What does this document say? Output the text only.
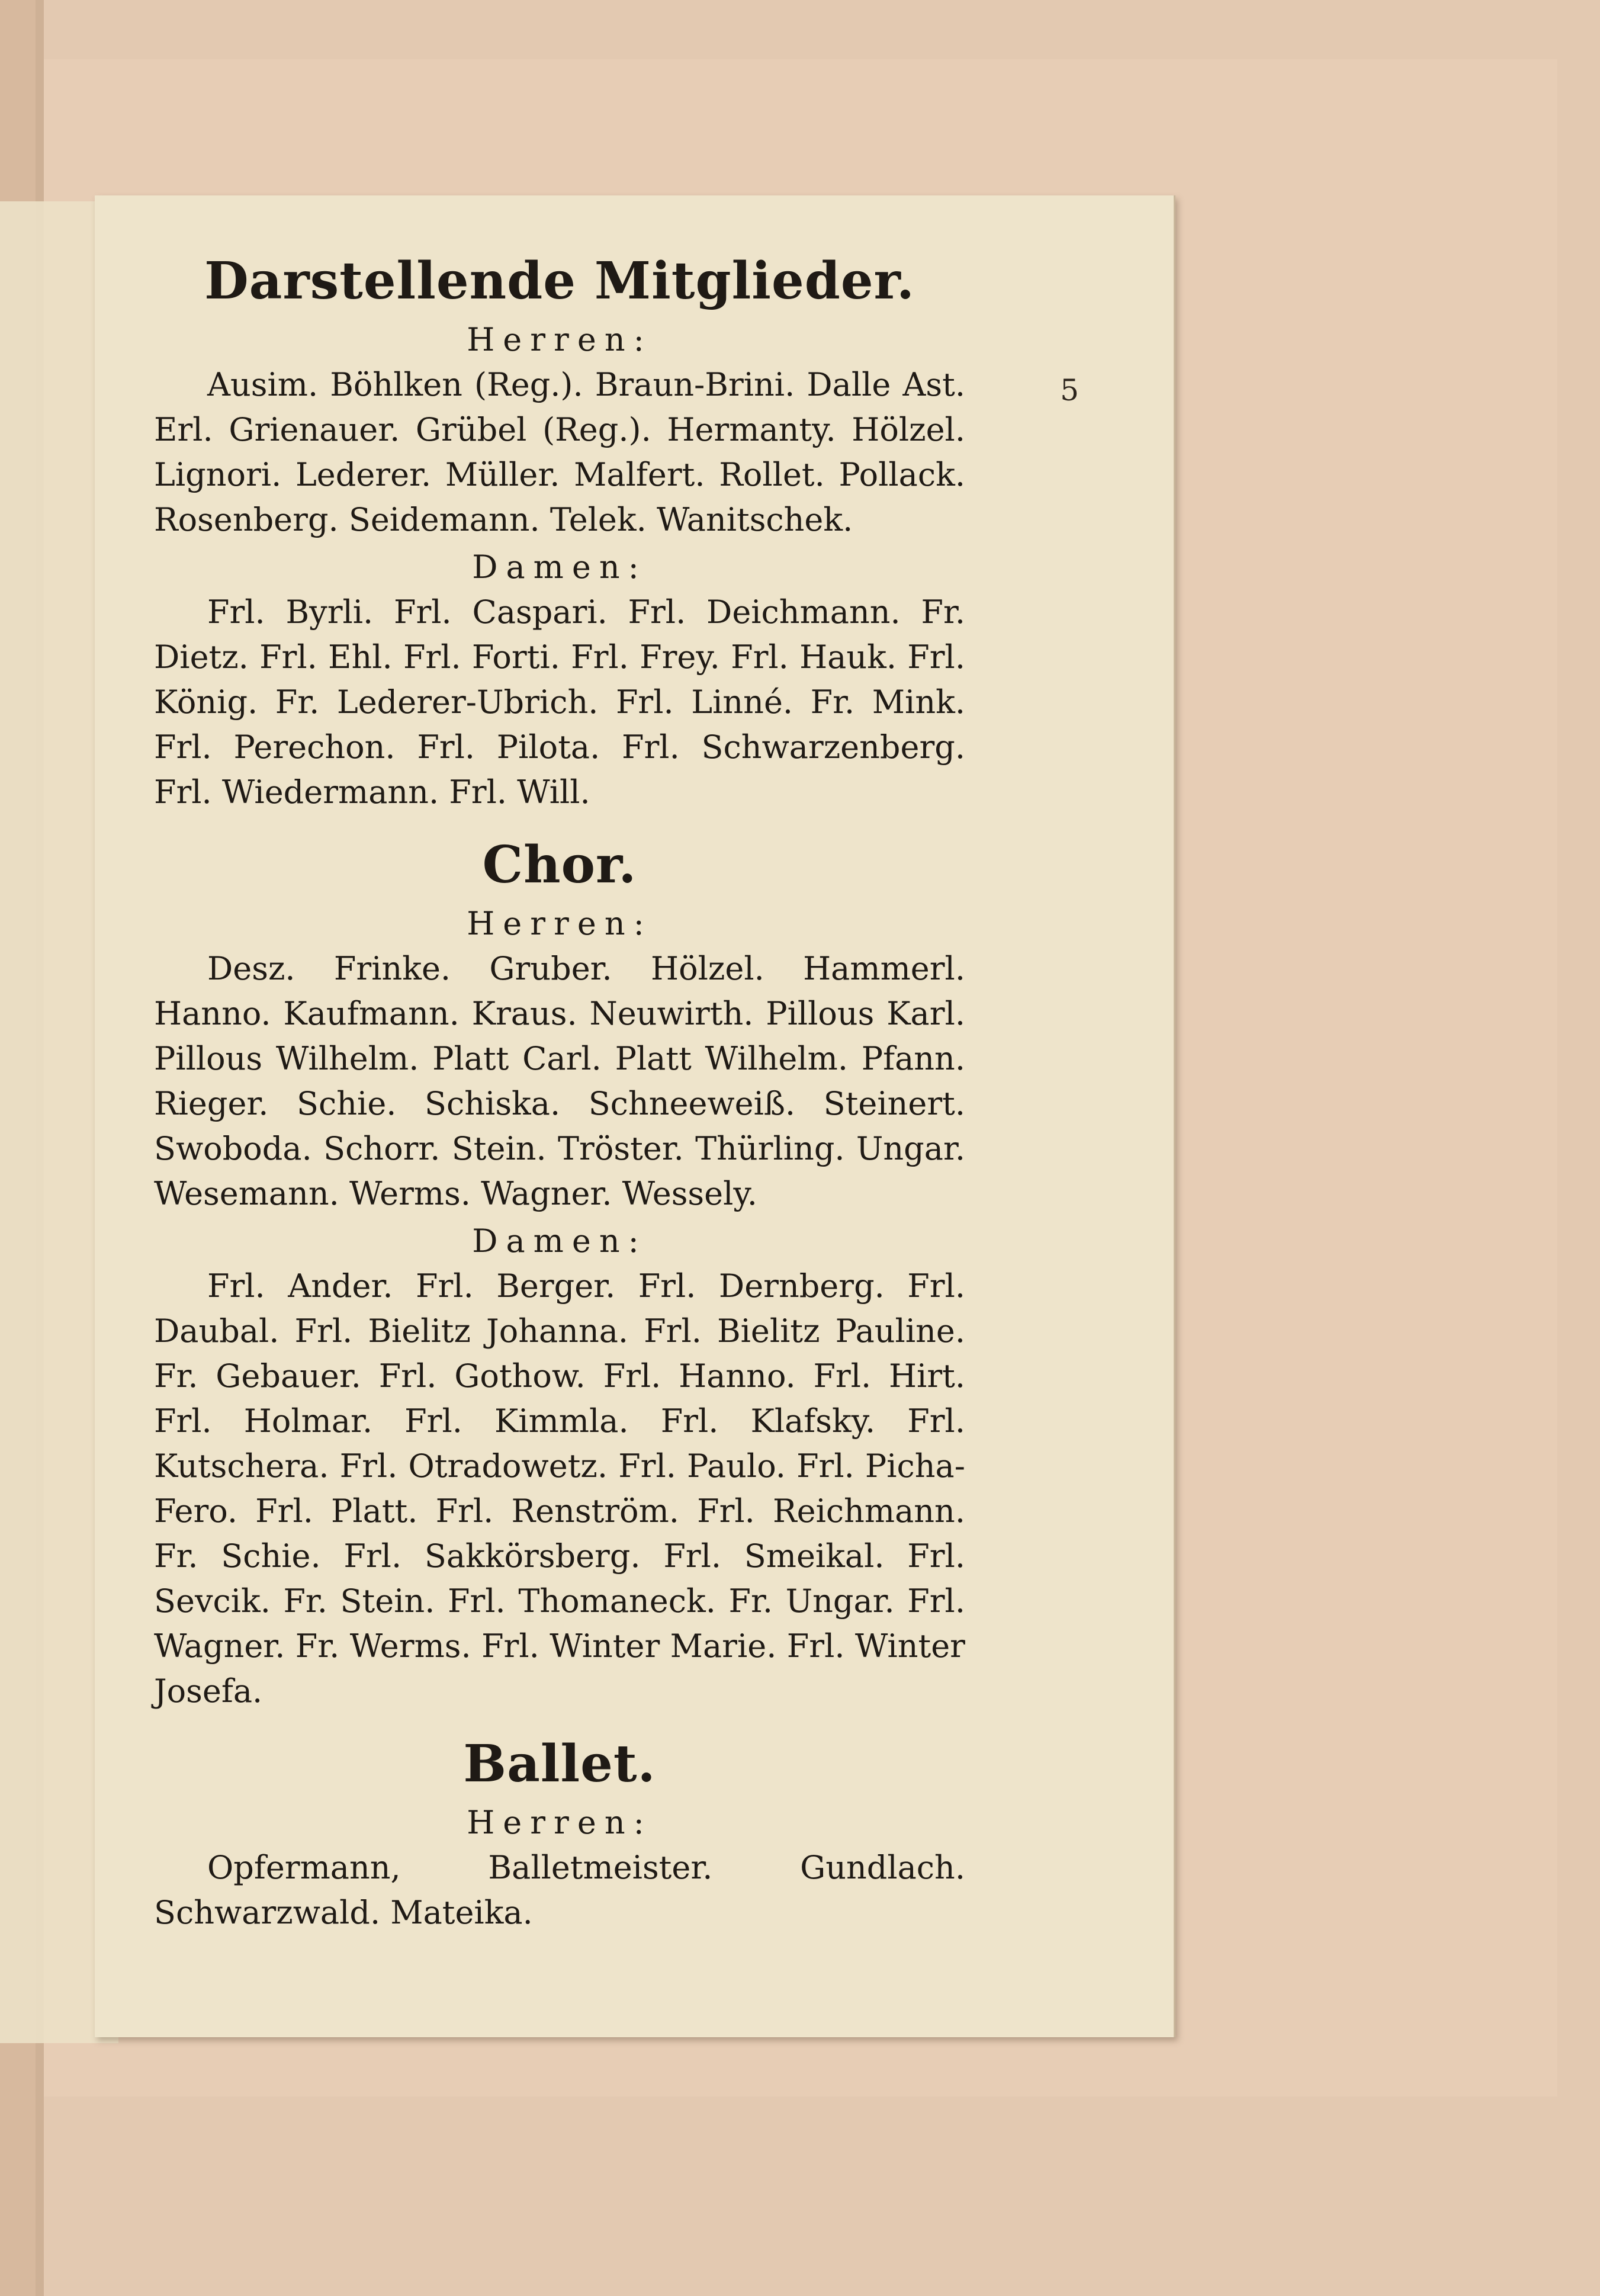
5
Darstellende Mitglieder.
Herren:

Ausim. Böhlken (Reg.). Braun-Brini. Dalle Ast. Erl. Grienauer. Grübel (Reg.). Hermanty. Hölzel. Lignori. Lederer. Müller. Malfert. Rollet. Pollack. Rosenberg. Seidemann. Telek. Wanitschek.

Damen:

Frl. Byrli. Frl. Caspari. Frl. Deichmann. Fr. Dietz. Frl. Ehl. Frl. Forti. Frl. Frey. Frl. Hauk. Frl. König. Fr. Lederer-Ubrich. Frl. Linné. Fr. Mink. Frl. Perechon. Frl. Pilota. Frl. Schwarzenberg. Frl. Wiedermann. Frl. Will.

Chor.
Herren:

Desz. Frinke. Gruber. Hölzel. Hammerl. Hanno. Kaufmann. Kraus. Neuwirth. Pillous Karl. Pillous Wilhelm. Platt Carl. Platt Wilhelm. Pfann. Rieger. Schie. Schiska. Schneeweiß. Steinert. Swoboda. Schorr. Stein. Tröster. Thürling. Ungar. Wesemann. Werms. Wagner. Wessely.

Damen:

Frl. Ander. Frl. Berger. Frl. Dernberg. Frl. Daubal. Frl. Bielitz Johanna. Frl. Bielitz Pauline. Fr. Gebauer. Frl. Gothow. Frl. Hanno. Frl. Hirt. Frl. Holmar. Frl. Kimmla. Frl. Klafsky. Frl. Kutschera. Frl. Otradowetz. Frl. Paulo. Frl. Picha-Fero. Frl. Platt. Frl. Renström. Frl. Reichmann. Fr. Schie. Frl. Sakkörsberg. Frl. Smeikal. Frl. Sevcik. Fr. Stein. Frl. Thomaneck. Fr. Ungar. Frl. Wagner. Fr. Werms. Frl. Winter Marie. Frl. Winter Josefa.

Ballet.
Herren:

Opfermann, Balletmeister. Gundlach. Schwarzwald. Mateika.
